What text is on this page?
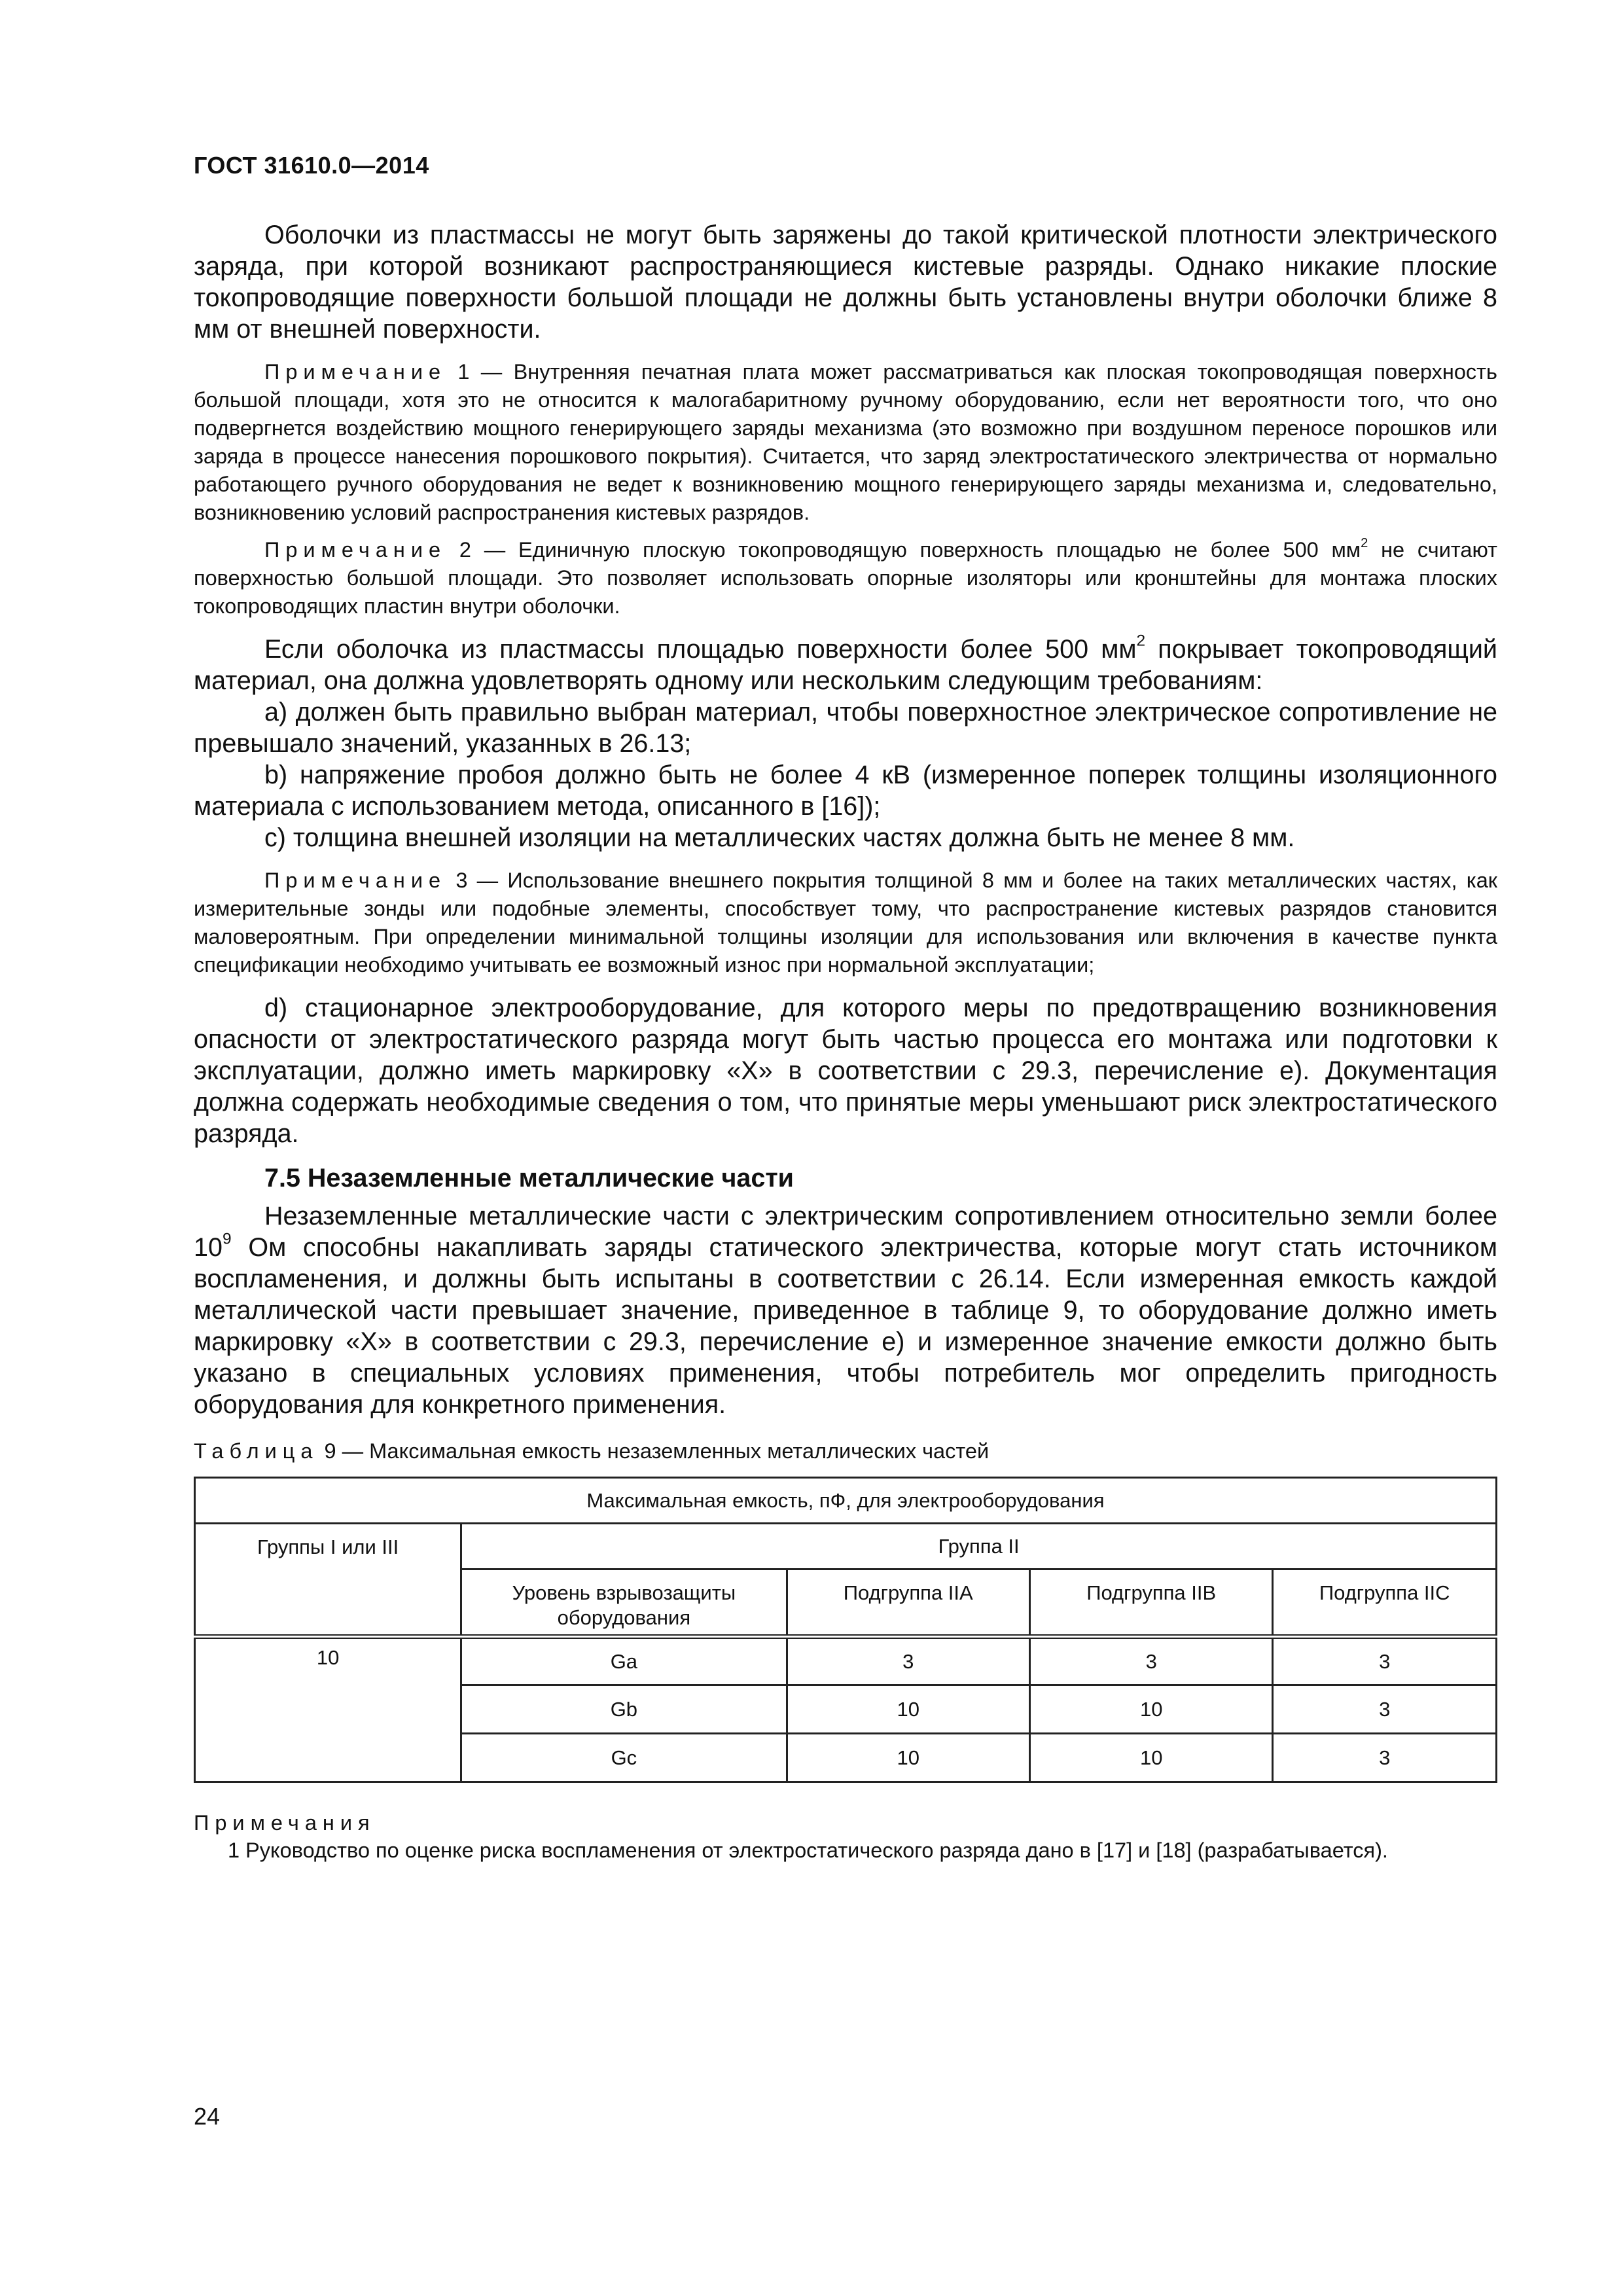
ГОСТ 31610.0—2014

Оболочки из пластмассы не могут быть заряжены до такой критической плотности электрического заряда, при которой возникают распространяющиеся кистевые разряды. Однако никакие плоские токопроводящие поверхности большой площади не должны быть установлены внутри оболочки ближе 8 мм от внешней поверхности.

Примечание 1 — Внутренняя печатная плата может рассматриваться как плоская токопроводящая поверхность большой площади, хотя это не относится к малогабаритному ручному оборудованию, если нет вероятности того, что оно подвергнется воздействию мощного генерирующего заряды механизма (это возможно при воздушном переносе порошков или заряда в процессе нанесения порошкового покрытия). Считается, что заряд электростатического электричества от нормально работающего ручного оборудования не ведет к возникновению мощного генерирующего заряды механизма и, следовательно, возникновению условий распространения кистевых разрядов.

Примечание 2 — Единичную плоскую токопроводящую поверхность площадью не более 500 $мм^2$ не считают поверхностью большой площади. Это позволяет использовать опорные изоляторы или кронштейны для монтажа плоских токопроводящих пластин внутри оболочки.

Если оболочка из пластмассы площадью поверхности более 500 $мм^2$ покрывает токопроводящий материал, она должна удовлетворять одному или нескольким следующим требованиям:

a) должен быть правильно выбран материал, чтобы поверхностное электрическое сопротивление не превышало значений, указанных в 26.13;

b) напряжение пробоя должно быть не более 4 кВ (измеренное поперек толщины изоляционного материала с использованием метода, описанного в [16]);

c) толщина внешней изоляции на металлических частях должна быть не менее 8 мм.

Примечание 3 — Использование внешнего покрытия толщиной 8 мм и более на таких металлических частях, как измерительные зонды или подобные элементы, способствует тому, что распространение кистевых разрядов становится маловероятным. При определении минимальной толщины изоляции для использования или включения в качестве пункта спецификации необходимо учитывать ее возможный износ при нормальной эксплуатации;

d) стационарное электрооборудование, для которого меры по предотвращению возникновения опасности от электростатического разряда могут быть частью процесса его монтажа или подготовки к эксплуатации, должно иметь маркировку «X» в соответствии с 29.3, перечисление е). Документация должна содержать необходимые сведения о том, что принятые меры уменьшают риск электростатического разряда.

7.5 Незаземленные металлические части

Незаземленные металлические части с электрическим сопротивлением относительно земли более $10^9$ Ом способны накапливать заряды статического электричества, которые могут стать источником воспламенения, и должны быть испытаны в соответствии с 26.14. Если измеренная емкость каждой металлической части превышает значение, приведенное в таблице 9, то оборудование должно иметь маркировку «X» в соответствии с 29.3, перечисление е) и измеренное значение емкости должно быть указано в специальных условиях применения, чтобы потребитель мог определить пригодность оборудования для конкретного применения.

Таблица 9 — Максимальная емкость незаземленных металлических частей
Максимальная емкость, пФ, для электрооборудования				
Группы I или III	Группа II			
	Уровень взрывозащиты оборудования	Подгруппа IIA	Подгруппа IIB	Подгруппа IIC
10	Ga	3	3	3
	Gb	10	10	3
	Gc	10	10	3
Примечания

1 Руководство по оценке риска воспламенения от электростатического разряда дано в [17] и [18] (разрабатывается).

24
